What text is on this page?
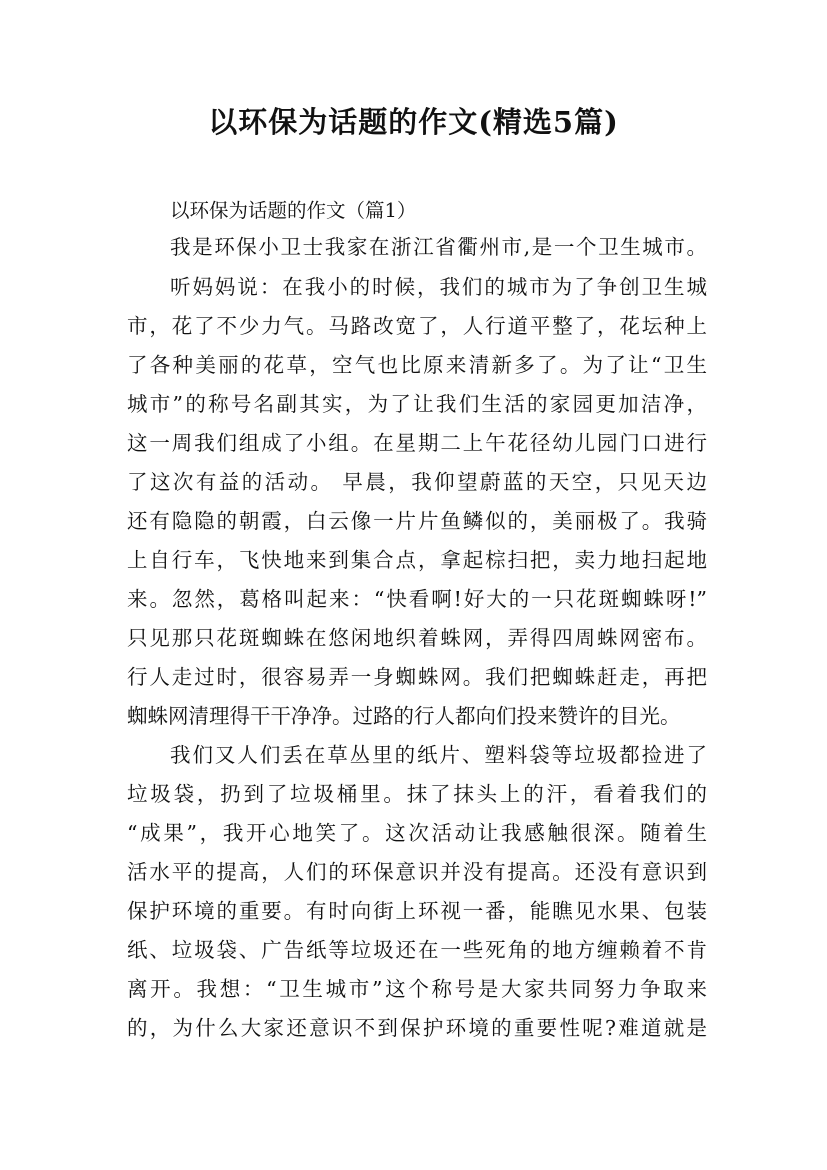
以环保为话题的作文(精选5篇)

以环保为话题的作文（篇1）

我是环保小卫士我家在浙江省衢州市,是一个卫生城市。

听妈妈说：在我小的时候，我们的城市为了争创卫生城

市，花了不少力气。马路改宽了，人行道平整了，花坛种上

了各种美丽的花草，空气也比原来清新多了。为了让“卫生

城市”的称号名副其实，为了让我们生活的家园更加洁净，

这一周我们组成了小组。在星期二上午花径幼儿园门口进行

了这次有益的活动。 早晨，我仰望蔚蓝的天空，只见天边

还有隐隐的朝霞，白云像一片片鱼鳞似的，美丽极了。我骑

上自行车，飞快地来到集合点，拿起棕扫把，卖力地扫起地

来。忽然，葛格叫起来：“快看啊!好大的一只花斑蜘蛛呀!”

只见那只花斑蜘蛛在悠闲地织着蛛网，弄得四周蛛网密布。

行人走过时，很容易弄一身蜘蛛网。我们把蜘蛛赶走，再把

蜘蛛网清理得干干净净。过路的行人都向们投来赞许的目光。

我们又人们丢在草丛里的纸片、塑料袋等垃圾都捡进了

垃圾袋，扔到了垃圾桶里。抹了抹头上的汗，看着我们的

“成果”，我开心地笑了。这次活动让我感触很深。随着生

活水平的提高，人们的环保意识并没有提高。还没有意识到

保护环境的重要。有时向街上环视一番，能瞧见水果、包装

纸、垃圾袋、广告纸等垃圾还在一些死角的地方缠赖着不肯

离开。我想：“卫生城市”这个称号是大家共同努力争取来

的，为什么大家还意识不到保护环境的重要性呢?难道就是
